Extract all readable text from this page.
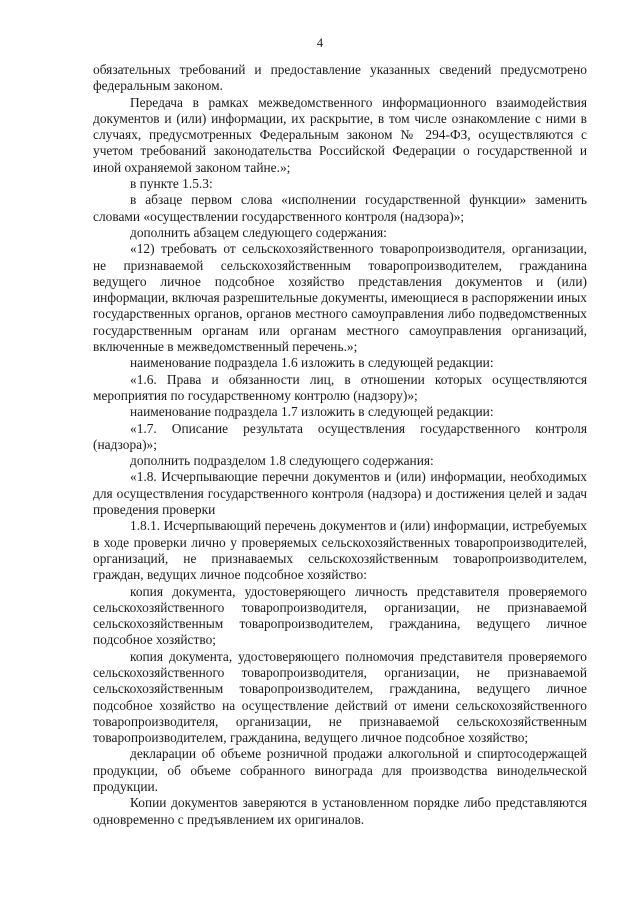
4

обязательных требований и предоставление указанных сведений предусмотрено федеральным законом.

Передача в рамках межведомственного информационного взаимодействия документов и (или) информации, их раскрытие, в том числе ознакомление с ними в случаях, предусмотренных Федеральным законом № 294-ФЗ, осуществляются с учетом требований законодательства Российской Федерации о государственной и иной охраняемой законом тайне.»;

в пункте 1.5.3:

в абзаце первом слова «исполнении государственной функции» заменить словами «осуществлении государственного контроля (надзора)»;

дополнить абзацем следующего содержания:

«12) требовать от сельскохозяйственного товаропроизводителя, организации, не признаваемой сельскохозяйственным товаропроизводителем, гражданина ведущего личное подсобное хозяйство представления документов и (или) информации, включая разрешительные документы, имеющиеся в распоряжении иных государственных органов, органов местного самоуправления либо подведомственных государственным органам или органам местного самоуправления организаций, включенные в межведомственный перечень.»;

наименование подраздела 1.6 изложить в следующей редакции:

«1.6. Права и обязанности лиц, в отношении которых осуществляются мероприятия по государственному контролю (надзору)»;

наименование подраздела 1.7 изложить в следующей редакции:

«1.7. Описание результата осуществления государственного контроля (надзора)»;

дополнить подразделом 1.8 следующего содержания:

«1.8. Исчерпывающие перечни документов и (или) информации, необходимых для осуществления государственного контроля (надзора) и достижения целей и задач проведения проверки

1.8.1. Исчерпывающий перечень документов и (или) информации, истребуемых в ходе проверки лично у проверяемых сельскохозяйственных товаропроизводителей, организаций, не признаваемых сельскохозяйственным товаропроизводителем, граждан, ведущих личное подсобное хозяйство:

копия документа, удостоверяющего личность представителя проверяемого сельскохозяйственного товаропроизводителя, организации, не признаваемой сельскохозяйственным товаропроизводителем, гражданина, ведущего личное подсобное хозяйство;

копия документа, удостоверяющего полномочия представителя проверяемого сельскохозяйственного товаропроизводителя, организации, не признаваемой сельскохозяйственным товаропроизводителем, гражданина, ведущего личное подсобное хозяйство на осуществление действий от имени сельскохозяйственного товаропроизводителя, организации, не признаваемой сельскохозяйственным товаропроизводителем, гражданина, ведущего личное подсобное хозяйство;

декларации об объеме розничной продажи алкогольной и спиртосодержащей продукции, об объеме собранного винограда для производства винодельческой продукции.

Копии документов заверяются в установленном порядке либо представляются одновременно с предъявлением их оригиналов.
